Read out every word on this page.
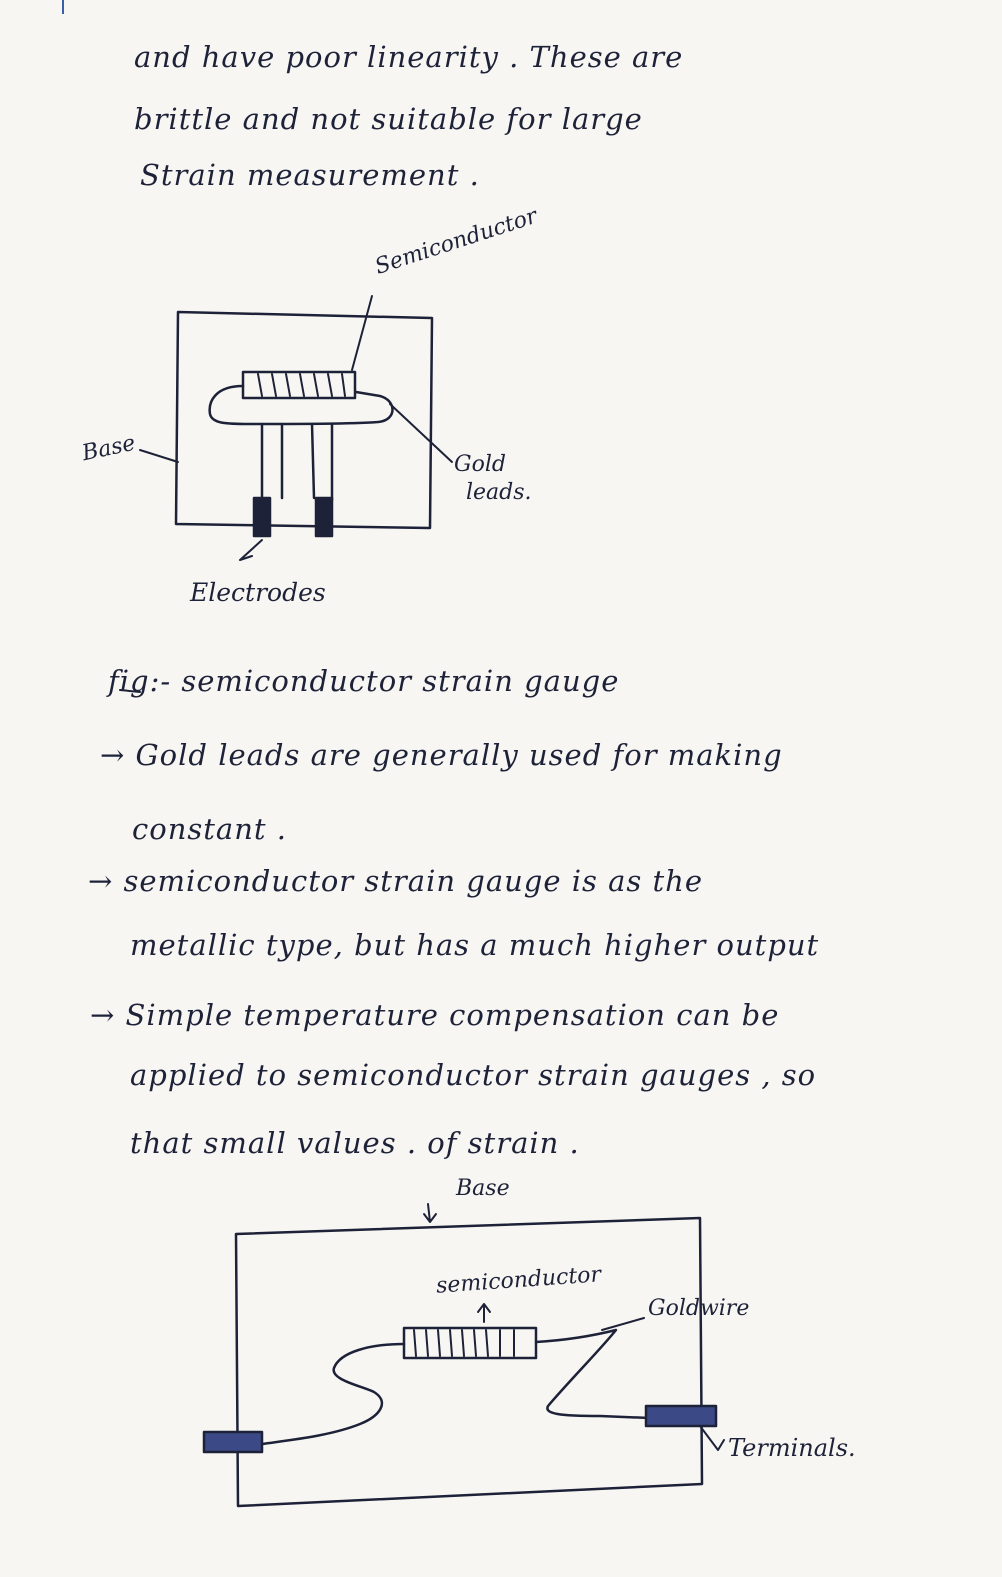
and have poor linearity . These are
brittle and not suitable for large
Strain measurement .
Semiconductor
Base	Gold
leads.
Electrodes
fig:- semiconductor strain gauge
→ Gold leads are generally used for making
constant .
→ semiconductor strain gauge is as the
metallic type, but has a much higher output
→ Simple temperature compensation can be
applied to semiconductor strain gauges , so
that small values . of strain .
Base
semiconductor
Goldwire
Terminals.
